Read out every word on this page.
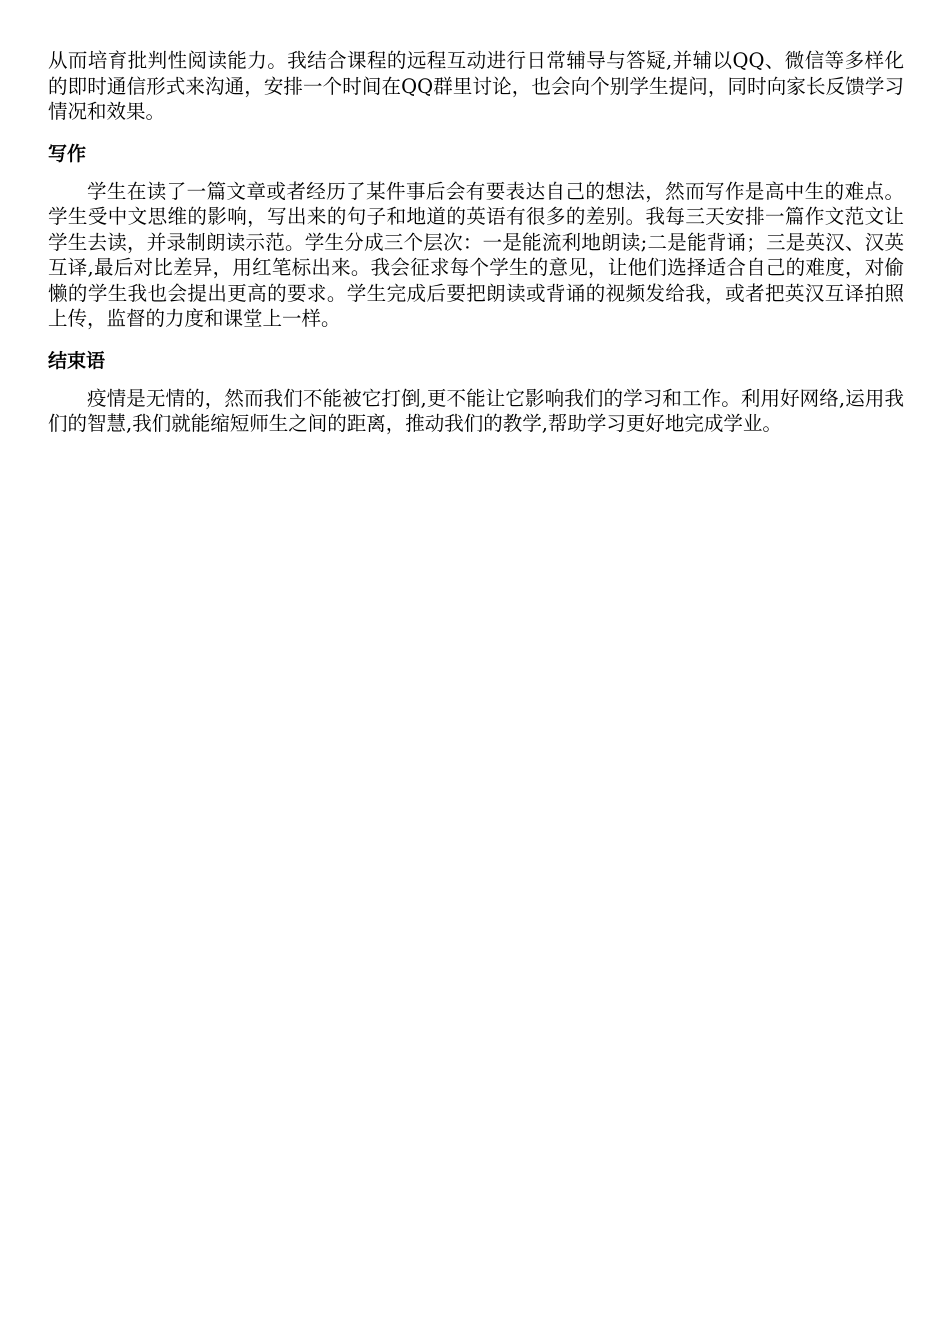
从而培育批判性阅读能力。我结合课程的远程互动进行日常辅导与答疑,并辅以QQ、微信等多样化的即时通信形式来沟通，安排一个时间在QQ群里讨论，也会向个别学生提问，同时向家长反馈学习情况和效果。

写作

学生在读了一篇文章或者经历了某件事后会有要表达自己的想法，然而写作是高中生的难点。学生受中文思维的影响，写出来的句子和地道的英语有很多的差别。我每三天安排一篇作文范文让学生去读，并录制朗读示范。学生分成三个层次：一是能流利地朗读;二是能背诵；三是英汉、汉英互译,最后对比差异，用红笔标出来。我会征求每个学生的意见，让他们选择适合自己的难度，对偷懒的学生我也会提出更高的要求。学生完成后要把朗读或背诵的视频发给我，或者把英汉互译拍照上传，监督的力度和课堂上一样。

结束语

疫情是无情的，然而我们不能被它打倒,更不能让它影响我们的学习和工作。利用好网络,运用我们的智慧,我们就能缩短师生之间的距离，推动我们的教学,帮助学习更好地完成学业。
